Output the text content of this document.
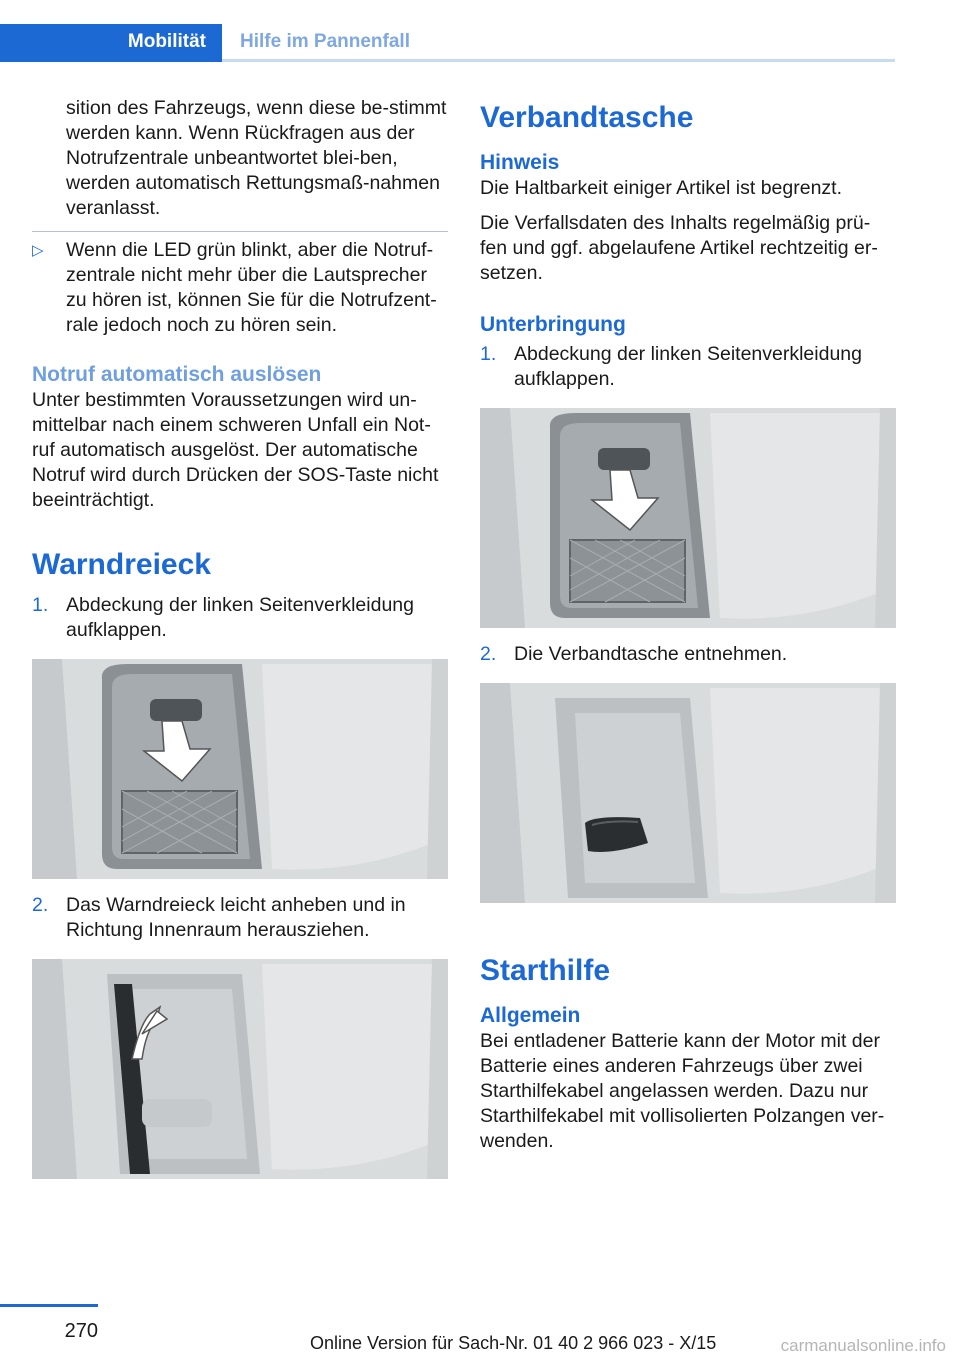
Mobilität Hilfe im Pannenfall

sition des Fahrzeugs, wenn diese be-stimmt werden kann. Wenn Rückfragen aus der Notrufzentrale unbeantwortet blei-ben, werden automatisch Rettungsmaß-nahmen veranlasst.

▷ Wenn die LED grün blinkt, aber die Notruf-zentrale nicht mehr über die Lautsprecher zu hören ist, können Sie für die Notrufzent-rale jedoch noch zu hören sein.
Notruf automatisch auslösen

Unter bestimmten Voraussetzungen wird un-mittelbar nach einem schweren Unfall ein Not-ruf automatisch ausgelöst. Der automatische Notruf wird durch Drücken der SOS-Taste nicht beeinträchtigt.

Warndreieck
1. Abdeckung der linken Seitenverkleidung aufklappen.
2. Das Warndreieck leicht anheben und in Richtung Innenraum herausziehen.
Verbandtasche
Hinweis

Die Haltbarkeit einiger Artikel ist begrenzt.

Die Verfallsdaten des Inhalts regelmäßig prü-fen und ggf. abgelaufene Artikel rechtzeitig er-setzen.

Unterbringung
1. Abdeckung der linken Seitenverkleidung aufklappen.
2. Die Verbandtasche entnehmen.
Starthilfe
Allgemein

Bei entladener Batterie kann der Motor mit der Batterie eines anderen Fahrzeugs über zwei Starthilfekabel angelassen werden. Dazu nur Starthilfekabel mit vollisolierten Polzangen ver-wenden.

270
Online Version für Sach-Nr. 01 40 2 966 023 - X/15	carmanualsonline.info
